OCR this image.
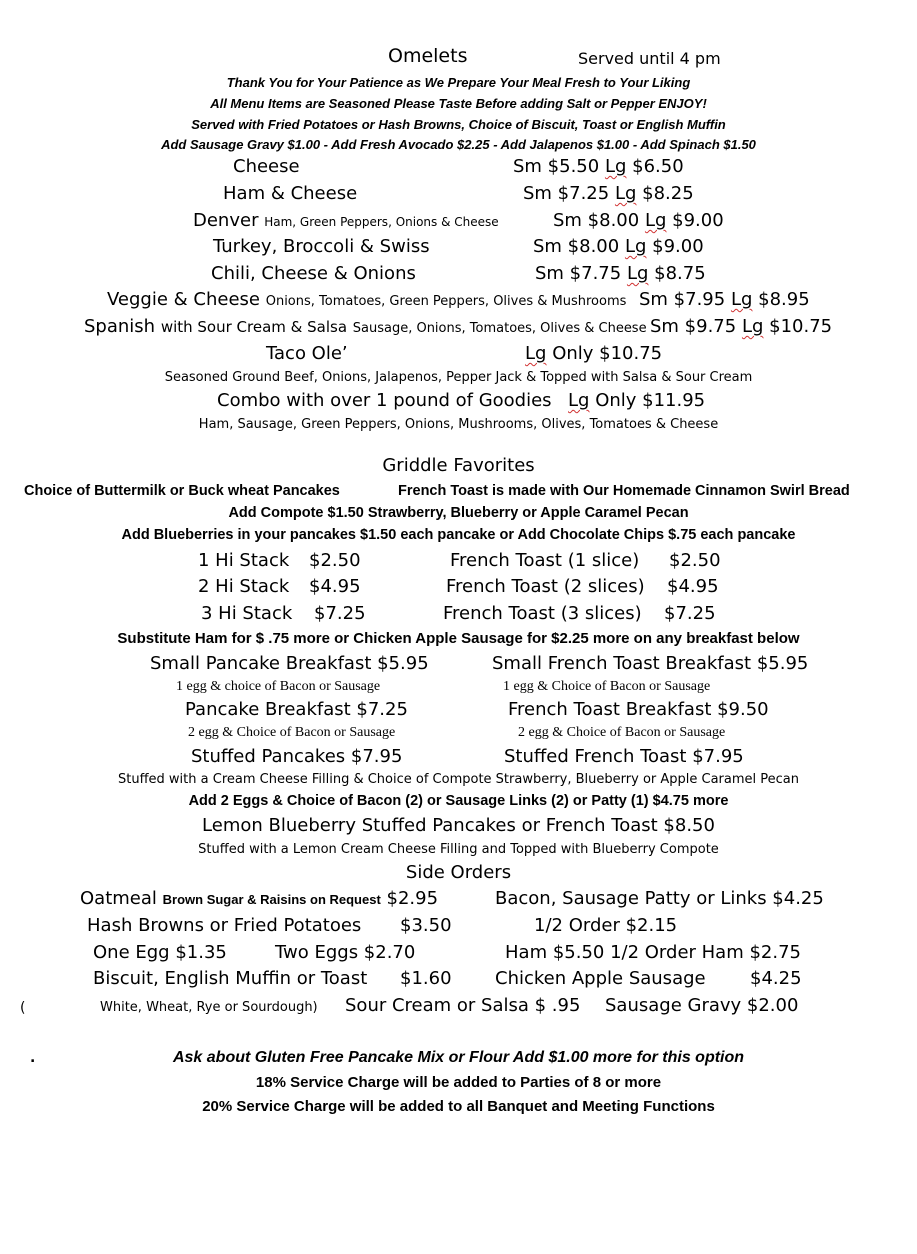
Omelets	Served until 4 pm
Thank You for Your Patience as We Prepare Your Meal Fresh to Your Liking
All Menu Items are Seasoned Please Taste Before adding Salt or Pepper ENJOY!
Served with Fried Potatoes or Hash Browns, Choice of Biscuit, Toast or English Muffin
Add Sausage Gravy $1.00 - Add Fresh Avocado $2.25 - Add Jalapenos $1.00 - Add Spinach $1.50
Cheese	Sm $5.50 Lg $6.50
Ham & Cheese	Sm $7.25 Lg $8.25
Denver Ham, Green Peppers, Onions & Cheese	Sm $8.00 Lg $9.00
Turkey, Broccoli & Swiss	Sm $8.00 Lg $9.00
Chili, Cheese & Onions	Sm $7.75 Lg $8.75
Veggie & Cheese Onions, Tomatoes, Green Peppers, Olives & Mushrooms Sm $7.95 Lg $8.95
Spanish with Sour Cream & Salsa Sausage, Onions, Tomatoes, Olives & Cheese Sm $9.75 Lg $10.75
Taco Ole’	Lg Only $10.75
Seasoned Ground Beef, Onions, Jalapenos, Pepper Jack & Topped with Salsa & Sour Cream
Combo with over 1 pound of Goodies Lg Only $11.95
Ham, Sausage, Green Peppers, Onions, Mushrooms, Olives, Tomatoes & Cheese
Griddle Favorites
Choice of Buttermilk or Buck wheat Pancakes	French Toast is made with Our Homemade Cinnamon Swirl Bread
Add Compote $1.50 Strawberry, Blueberry or Apple Caramel Pecan
Add Blueberries in your pancakes $1.50 each pancake or Add Chocolate Chips $.75 each pancake
1 Hi Stack $2.50	French Toast (1 slice) $2.50
2 Hi Stack $4.95	French Toast (2 slices) $4.95
3 Hi Stack $7.25	French Toast (3 slices) $7.25
Substitute Ham for $ .75 more or Chicken Apple Sausage for $2.25 more on any breakfast below
Small Pancake Breakfast $5.95	Small French Toast Breakfast $5.95
1 egg & choice of Bacon or Sausage	1 egg & Choice of Bacon or Sausage
Pancake Breakfast $7.25	French Toast Breakfast $9.50
2 egg & Choice of Bacon or Sausage	2 egg & Choice of Bacon or Sausage
Stuffed Pancakes $7.95	Stuffed French Toast $7.95
Stuffed with a Cream Cheese Filling & Choice of Compote Strawberry, Blueberry or Apple Caramel Pecan
Add 2 Eggs & Choice of Bacon (2) or Sausage Links (2) or Patty (1) $4.75 more
Lemon Blueberry Stuffed Pancakes or French Toast $8.50
Stuffed with a Lemon Cream Cheese Filling and Topped with Blueberry Compote
Side Orders
Oatmeal Brown Sugar & Raisins on Request $2.95	Bacon, Sausage Patty or Links $4.25
Hash Browns or Fried Potatoes $3.50	1/2 Order $2.15
One Egg $1.35	Two Eggs $2.70	Ham $5.50 1/2 Order Ham $2.75
Biscuit, English Muffin or Toast $1.60 Chicken Apple Sausage $4.25
(	White, Wheat, Rye or Sourdough) Sour Cream or Salsa $ .95 Sausage Gravy $2.00
.	Ask about Gluten Free Pancake Mix or Flour Add $1.00 more for this option
18% Service Charge will be added to Parties of 8 or more
20% Service Charge will be added to all Banquet and Meeting Functions
